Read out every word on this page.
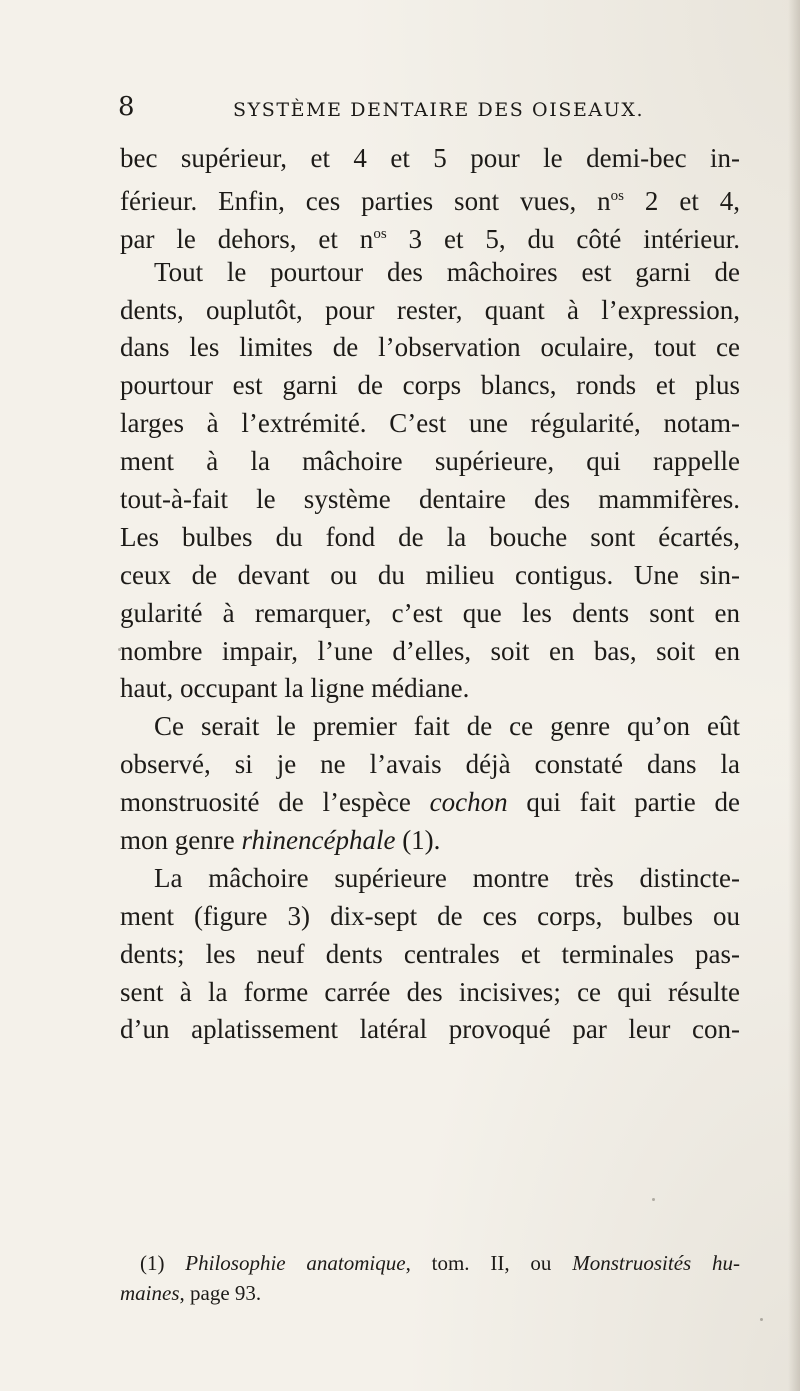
8	SYSTÈME DENTAIRE DES OISEAUX.
bec supérieur, et 4 et 5 pour le demi-bec in-
férieur. Enfin, ces parties sont vues, $n^{os}$ 2 et 4,
par le dehors, et $n^{os}$ 3 et 5, du côté intérieur.
Tout le pourtour des mâchoires est garni de
dents, ouplutôt, pour rester, quant à l’expression,
dans les limites de l’observation oculaire, tout ce
pourtour est garni de corps blancs, ronds et plus
larges à l’extrémité. C’est une régularité, notam-
ment à la mâchoire supérieure, qui rappelle
tout-à-fait le système dentaire des mammifères.
Les bulbes du fond de la bouche sont écartés,
ceux de devant ou du milieu contigus. Une sin-
gularité à remarquer, c’est que les dents sont en
nombre impair, l’une d’elles, soit en bas, soit en
haut, occupant la ligne médiane.
Ce serait le premier fait de ce genre qu’on eût
observé, si je ne l’avais déjà constaté dans la
monstruosité de l’espèce cochon qui fait partie de
mon genre rhinencéphale (1).
La mâchoire supérieure montre très distincte-
ment (figure 3) dix-sept de ces corps, bulbes ou
dents; les neuf dents centrales et terminales pas-
sent à la forme carrée des incisives; ce qui résulte
d’un aplatissement latéral provoqué par leur con-
(1) Philosophie anatomique, tom. II, ou Monstruosités hu-
maines, page 93.
